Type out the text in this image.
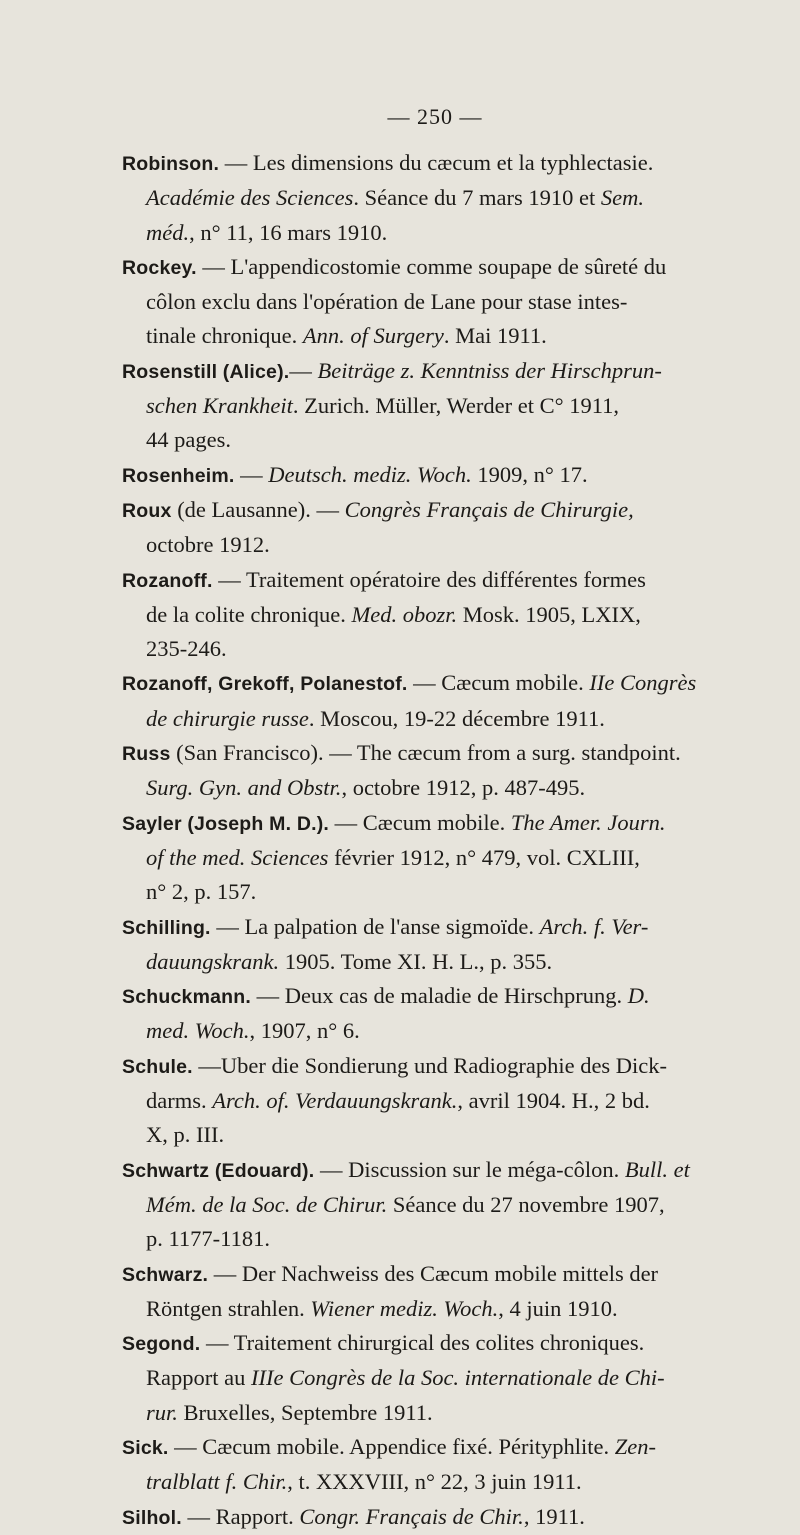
— 250 —

Robinson. — Les dimensions du cæcum et la typhlectasie.

Académie des Sciences. Séance du 7 mars 1910 et Sem.

méd., n° 11, 16 mars 1910.

Rockey. — L'appendicostomie comme soupape de sûreté du

côlon exclu dans l'opération de Lane pour stase intes-

tinale chronique. Ann. of Surgery. Mai 1911.

Rosenstill (Alice).— Beiträge z. Kenntniss der Hirschprun-

schen Krankheit. Zurich. Müller, Werder et C° 1911,

44 pages.

Rosenheim. — Deutsch. mediz. Woch. 1909, n° 17.

Roux (de Lausanne). — Congrès Français de Chirurgie,

octobre 1912.

Rozanoff. — Traitement opératoire des différentes formes

de la colite chronique. Med. obozr. Mosk. 1905, LXIX,

235-246.

Rozanoff, Grekoff, Polanestof. — Cæcum mobile. IIe Congrès

de chirurgie russe. Moscou, 19-22 décembre 1911.

Russ (San Francisco). — The cæcum from a surg. standpoint.

Surg. Gyn. and Obstr., octobre 1912, p. 487-495.

Sayler (Joseph M. D.). — Cæcum mobile. The Amer. Journ.

of the med. Sciences février 1912, n° 479, vol. CXLIII,

n° 2, p. 157.

Schilling. — La palpation de l'anse sigmoïde. Arch. f. Ver-

dauungskrank. 1905. Tome XI. H. L., p. 355.

Schuckmann. — Deux cas de maladie de Hirschprung. D.

med. Woch., 1907, n° 6.

Schule. —Uber die Sondierung und Radiographie des Dick-

darms. Arch. of. Verdauungskrank., avril 1904. H., 2 bd.

X, p. III.

Schwartz (Edouard). — Discussion sur le méga-côlon. Bull. et

Mém. de la Soc. de Chirur. Séance du 27 novembre 1907,

p. 1177-1181.

Schwarz. — Der Nachweiss des Cæcum mobile mittels der

Röntgen strahlen. Wiener mediz. Woch., 4 juin 1910.

Segond. — Traitement chirurgical des colites chroniques.

Rapport au IIIe Congrès de la Soc. internationale de Chi-

rur. Bruxelles, Septembre 1911.

Sick. — Cæcum mobile. Appendice fixé. Pérityphlite. Zen-

tralblatt f. Chir., t. XXXVIII, n° 22, 3 juin 1911.

Silhol. — Rapport. Congr. Français de Chir., 1911.
